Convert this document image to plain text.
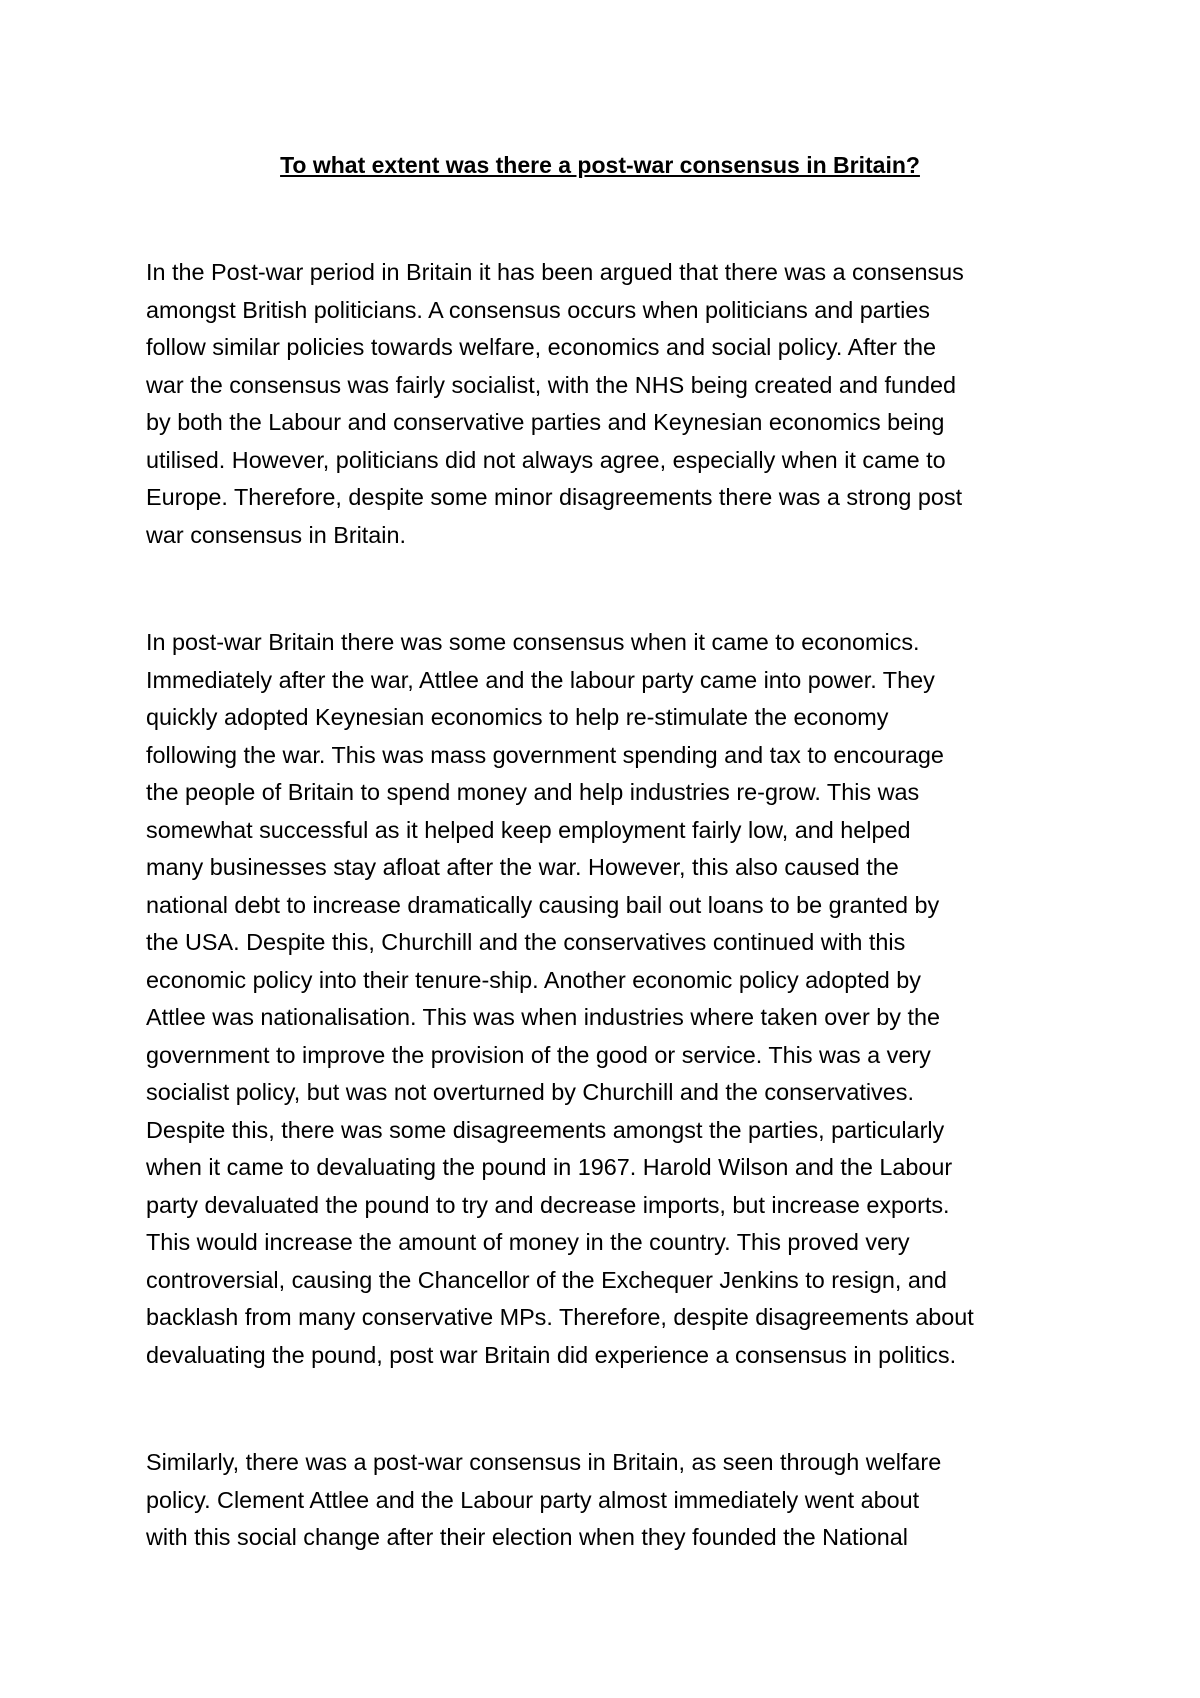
To what extent was there a post-war consensus in Britain?
In the Post-war period in Britain it has been argued that there was a consensus
amongst British politicians. A consensus occurs when politicians and parties
follow similar policies towards welfare, economics and social policy. After the
war the consensus was fairly socialist, with the NHS being created and funded
by both the Labour and conservative parties and Keynesian economics being
utilised. However, politicians did not always agree, especially when it came to
Europe. Therefore, despite some minor disagreements there was a strong post
war consensus in Britain.
In post-war Britain there was some consensus when it came to economics.
Immediately after the war, Attlee and the labour party came into power. They
quickly adopted Keynesian economics to help re-stimulate the economy
following the war. This was mass government spending and tax to encourage
the people of Britain to spend money and help industries re-grow. This was
somewhat successful as it helped keep employment fairly low, and helped
many businesses stay afloat after the war. However, this also caused the
national debt to increase dramatically causing bail out loans to be granted by
the USA. Despite this, Churchill and the conservatives continued with this
economic policy into their tenure-ship. Another economic policy adopted by
Attlee was nationalisation. This was when industries where taken over by the
government to improve the provision of the good or service. This was a very
socialist policy, but was not overturned by Churchill and the conservatives.
Despite this, there was some disagreements amongst the parties, particularly
when it came to devaluating the pound in 1967. Harold Wilson and the Labour
party devaluated the pound to try and decrease imports, but increase exports.
This would increase the amount of money in the country. This proved very
controversial, causing the Chancellor of the Exchequer Jenkins to resign, and
backlash from many conservative MPs. Therefore, despite disagreements about
devaluating the pound, post war Britain did experience a consensus in politics.
Similarly, there was a post-war consensus in Britain, as seen through welfare
policy. Clement Attlee and the Labour party almost immediately went about
with this social change after their election when they founded the National
